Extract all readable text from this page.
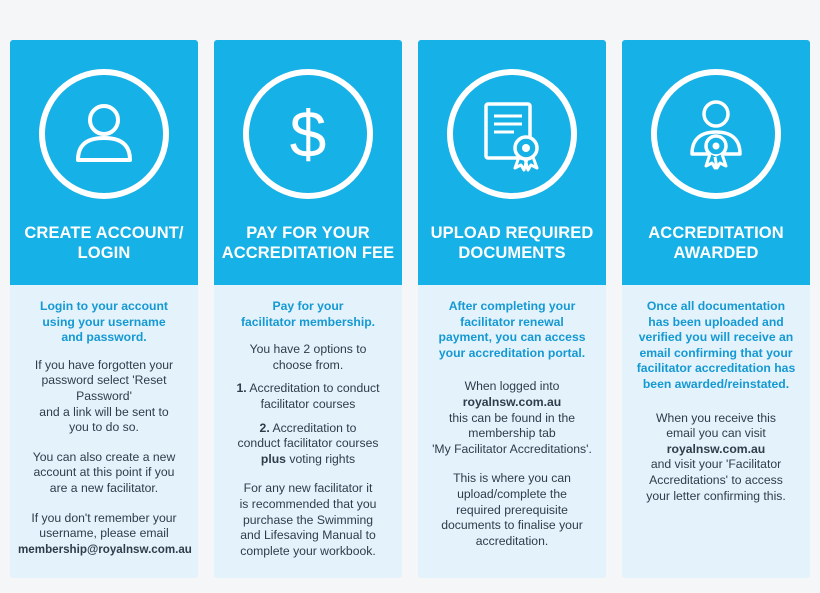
CREATE ACCOUNT/
LOGIN

Login to your account
using your username
and password.

If you have forgotten your
password select 'Reset
Password'
and a link will be sent to
you to do so.

You can also create a new
account at this point if you
are a new facilitator.

If you don't remember your
username, please email
membership@royalnsw.com.au

$
PAY FOR YOUR
ACCREDITATION FEE

Pay for your
facilitator membership.

You have 2 options to
choose from.

1. Accreditation to conduct
facilitator courses

2. Accreditation to
conduct facilitator courses
plus voting rights

For any new facilitator it
is recommended that you
purchase the Swimming
and Lifesaving Manual to
complete your workbook.

UPLOAD REQUIRED
DOCUMENTS

After completing your
facilitator renewal
payment, you can access
your accreditation portal.

When logged into
royalnsw.com.au
this can be found in the
membership tab
'My Facilitator Accreditations'.

This is where you can
upload/complete the
required prerequisite
documents to finalise your
accreditation.

ACCREDITATION
AWARDED

Once all documentation
has been uploaded and
verified you will receive an
email confirming that your
facilitator accreditation has
been awarded/reinstated.

When you receive this
email you can visit
royalnsw.com.au
and visit your 'Facilitator
Accreditations' to access
your letter confirming this.
